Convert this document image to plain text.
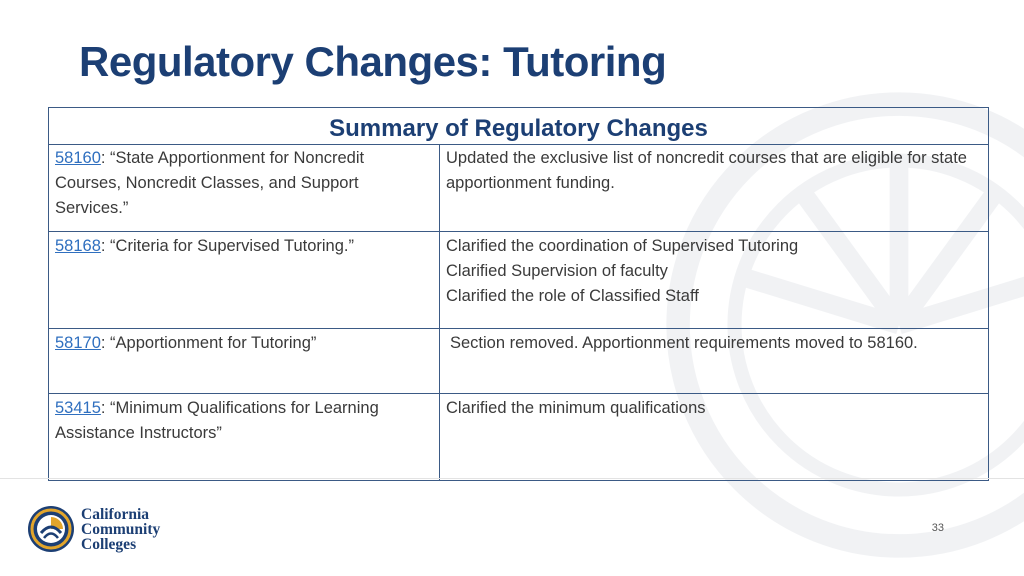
Regulatory Changes: Tutoring
Summary of Regulatory Changes	
58160: “State Apportionment for Noncredit Courses, Noncredit Classes, and Support Services.”	Updated the exclusive list of noncredit courses that are eligible for state apportionment funding.

58168: “Criteria for Supervised Tutoring.”	Clarified the coordination of Supervised Tutoring
Clarified Supervision of faculty
Clarified the role of Classified Staff

58170: “Apportionment for Tutoring”	Section removed. Apportionment requirements moved to 58160.

53415: “Minimum Qualifications for Learning Assistance Instructors”	Clarified the minimum qualifications
California
Community
Colleges
33
